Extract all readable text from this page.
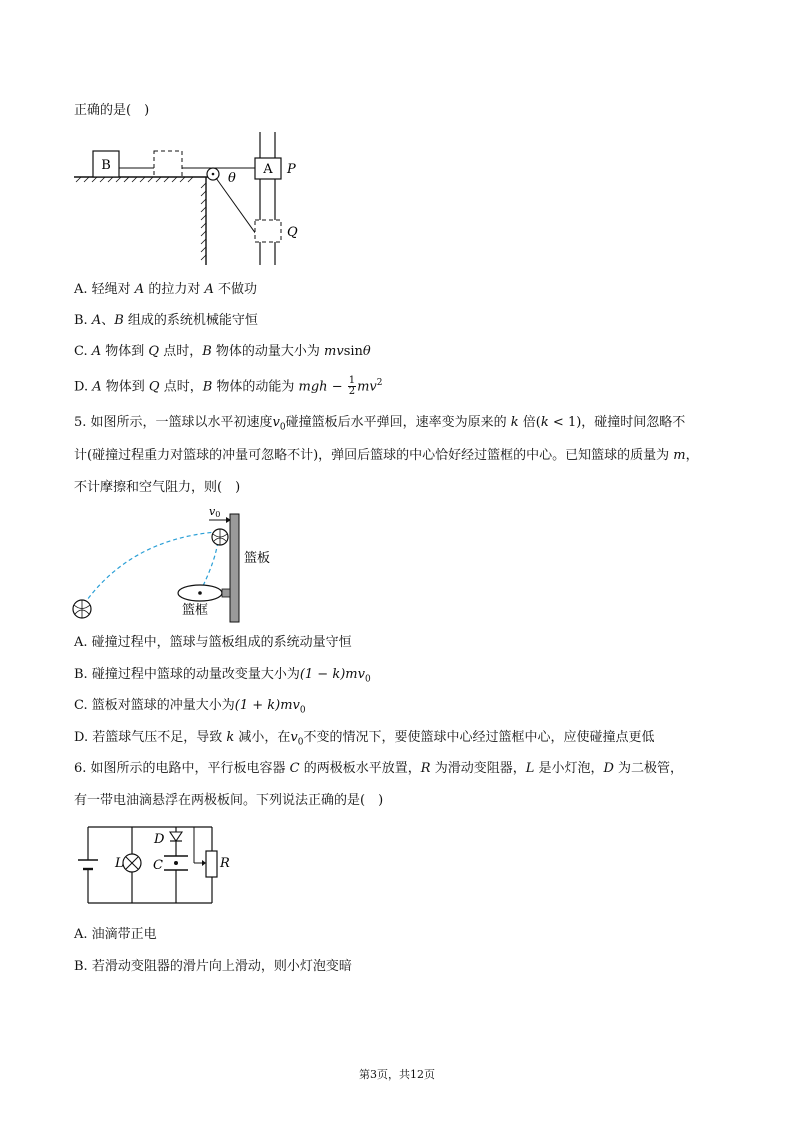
正确的是(　)
B
θ
A P
Q
A. 轻绳对 A 的拉力对 A 不做功
B. A、B 组成的系统机械能守恒
C. A 物体到 Q 点时，B 物体的动量大小为 mvsinθ
D. A 物体到 Q 点时，B 物体的动能为 mgh − $\frac{1}{2} mv^2$
5. 如图所示，一篮球以水平初速度$v_0$碰撞篮板后水平弹回，速率变为原来的 k 倍(k < 1)，碰撞时间忽略不
计(碰撞过程重力对篮球的冲量可忽略不计)，弹回后篮球的中心恰好经过篮框的中心。已知篮球的质量为 m，
不计摩擦和空气阻力，则(　)
v0
篮板
篮框
A. 碰撞过程中，篮球与篮板组成的系统动量守恒
B. 碰撞过程中篮球的动量改变量大小为$(1 - k)mv_0$
C. 篮板对篮球的冲量大小为$(1 + k)mv_0$
D. 若篮球气压不足，导致 k 减小，在$v_0$不变的情况下，要使篮球中心经过篮框中心，应使碰撞点更低
6. 如图所示的电路中，平行板电容器 C 的两极板水平放置，R 为滑动变阻器，L 是小灯泡，D 为二极管，
有一带电油滴悬浮在两极板间。下列说法正确的是(　)
L
D
C	R
A. 油滴带正电
B. 若滑动变阻器的滑片向上滑动，则小灯泡变暗
第3页，共12页
